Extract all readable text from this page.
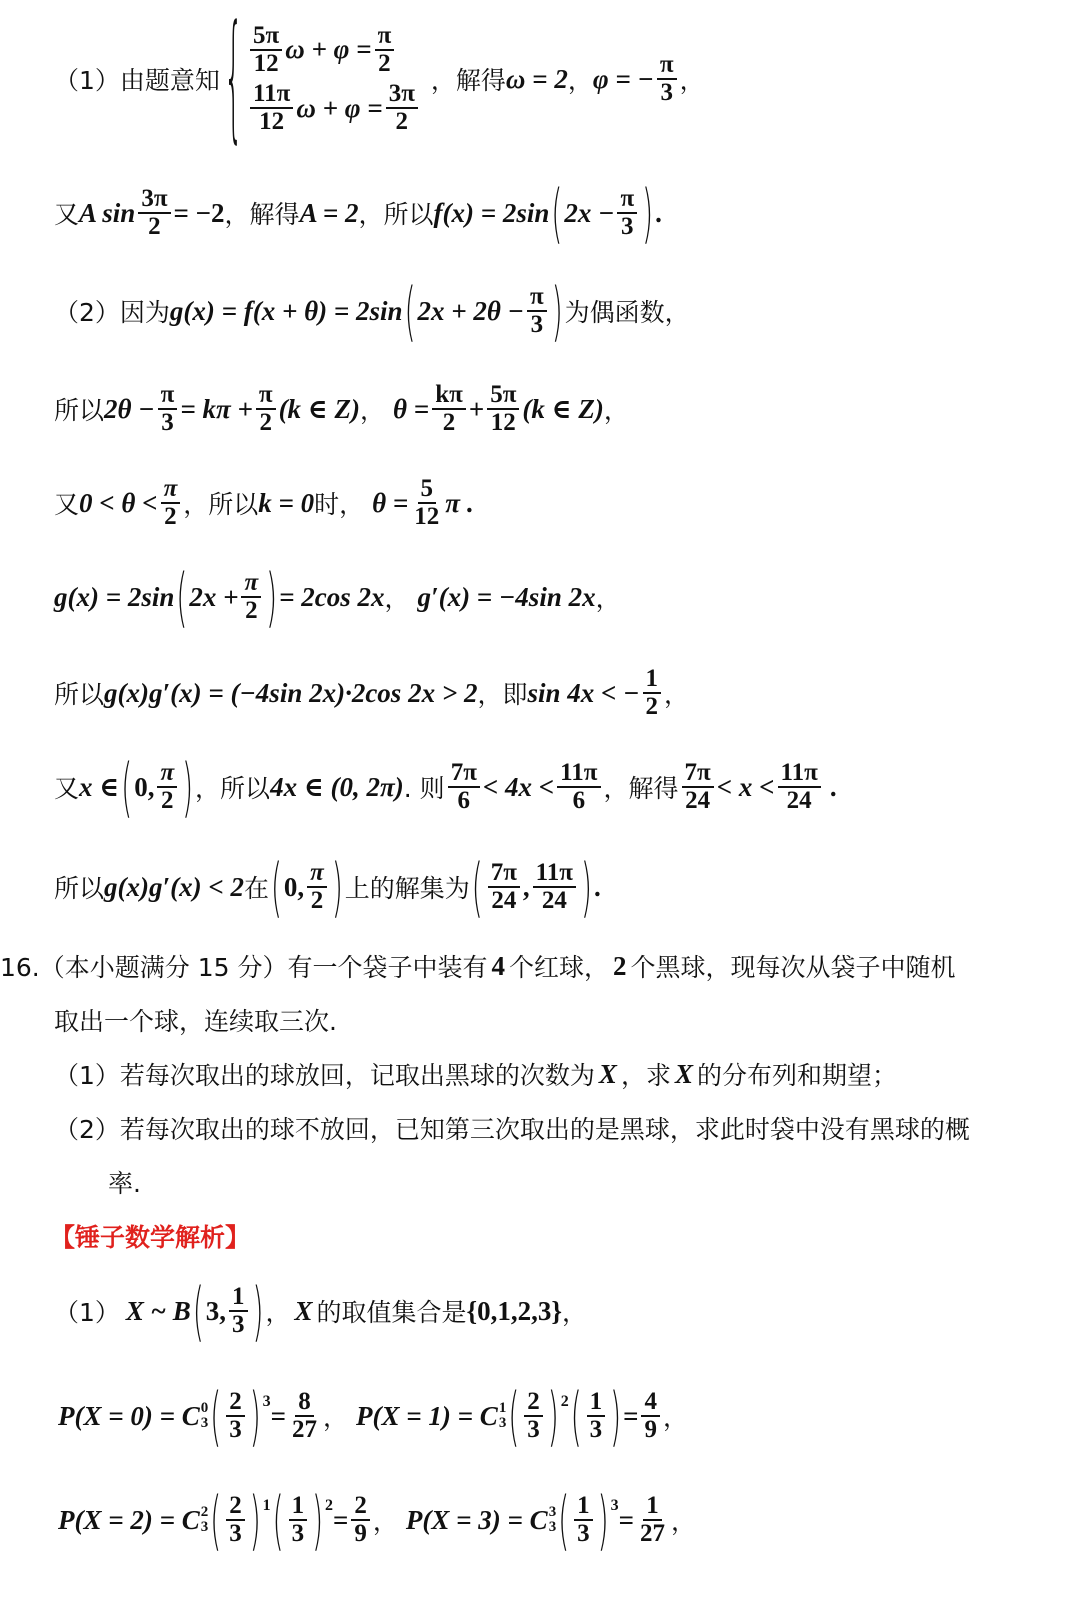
（1）由题意知 { $\frac{5\pi}{12}$ $\omega + \varphi = \frac{\pi}{2}$
$\frac{11\pi}{12}$ $\omega + \varphi = \frac{3\pi}{2}$
，解得 ω = 2 ， φ = − $\frac{\pi}{3}$ ，
又 A $\sin \frac{3\pi}{2} = -2$ ，解得 A = 2 ，所以 f(x) = 2sin ( $2x - \frac{\pi}{3}$ ) .
（2）因为 g(x) = f(x + θ) = 2sin ( $2x + 2\theta - \frac{\pi}{3}$ ) 为偶函数，
所以 $2\theta - \frac{\pi}{3} = k\pi + \frac{\pi}{2} (k$ ∈ Z) ， $\theta = \frac{k\pi}{2} + \frac{5\pi}{12} (k$ ∈ Z) ，
又 $0 < \theta < \frac{\pi}{2}$ ，所以 k = 0 时， $\theta = \frac{5}{12}$ π .
g(x) = 2sin ( $2x + \frac{\pi}{2}$ ) = 2cos 2x ， g′(x) = −4sin 2x ，
所以 g(x)g′(x) = (−4sin 2x)·2cos 2x > 2 ，即 sin 4x < − $\frac{1}{2}$ ，
又 x ∈ ( 0, $\frac{\pi}{2}$ ) ，所以 4x ∈ (0, 2π) . 则 $\frac{7\pi}{6} < 4x < \frac{11\pi}{6}$ ，解得 $\frac{7\pi}{24} < x < \frac{11\pi}{24}$ .
所以 g(x)g′(x) < 2 在 ( 0, $\frac{\pi}{2}$ ) 上的解集为 ( $\frac{7\pi}{24}$ , $\frac{11\pi}{24}$ ) .
16.（本小题满分 15 分）有一个袋子中装有 4 个红球， 2 个黑球，现每次从袋子中随机
取出一个球，连续取三次.
（1）若每次取出的球放回，记取出黑球的次数为 X ，求 X 的分布列和期望；
（2）若每次取出的球不放回，已知第三次取出的是黑球，求此时袋中没有黑球的概
率.
【锤子数学解析】
（1） X ~ B ( 3, $\frac{1}{3}$ ) ， X 的取值集合是 {0,1,2,3} ，
P(X = 0) = C 0
3 ( $\frac{2}{3} )^3 = \frac{8}{27}$ ， P(X = 1) = C 1
3 ( $\frac{2}{3} )^2$ ( $\frac{1}{3}$ ) = $\frac{4}{9}$ ，
P(X = 2) = C 2
3 ( $\frac{2}{3} )^1$ ( $\frac{1}{3} )^2 = \frac{2}{9}$ ， P(X = 3) = C 3
3 ( $\frac{1}{3} )^3 = \frac{1}{27}$ ，
